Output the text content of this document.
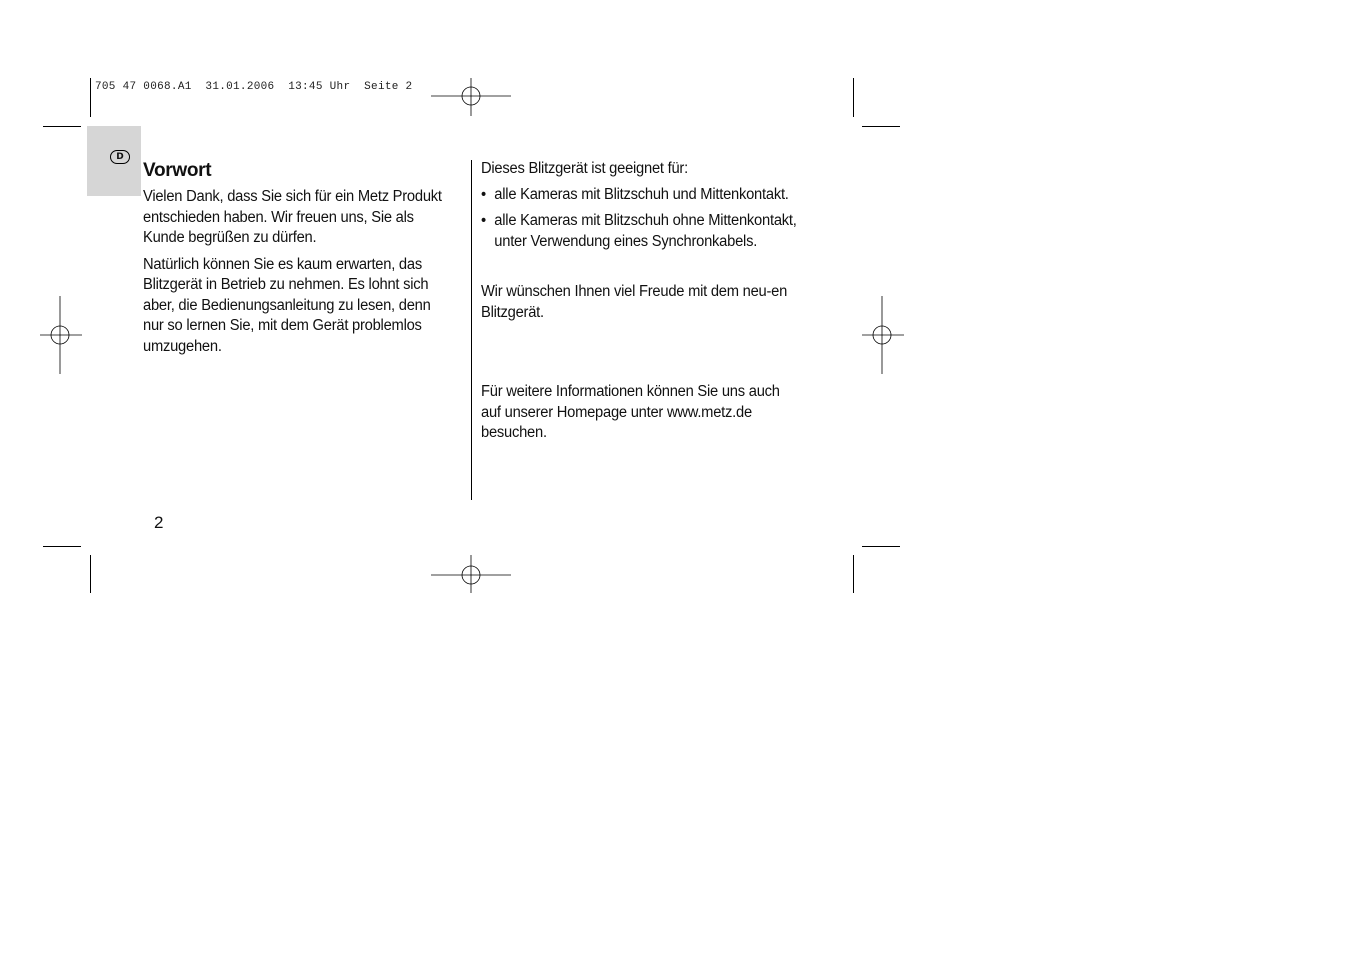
705 47 0068.A1  31.01.2006  13:45 Uhr  Seite 2
D
Vorwort

Vielen Dank, dass Sie sich für ein Metz Produkt entschieden haben. Wir freuen uns, Sie als Kunde begrüßen zu dürfen.

Natürlich können Sie es kaum erwarten, das Blitzgerät in Betrieb zu nehmen. Es lohnt sich aber, die Bedienungsanleitung zu lesen, denn nur so lernen Sie, mit dem Gerät problemlos umzugehen.

Dieses Blitzgerät ist geeignet für:

• alle Kameras mit Blitzschuh und Mittenkontakt.
• alle Kameras mit Blitzschuh ohne Mittenkontakt, unter Verwendung eines Synchronkabels.

Wir wünschen Ihnen viel Freude mit dem neu-en Blitzgerät.

Für weitere Informationen können Sie uns auch auf unserer Homepage unter www.metz.de besuchen.

2
